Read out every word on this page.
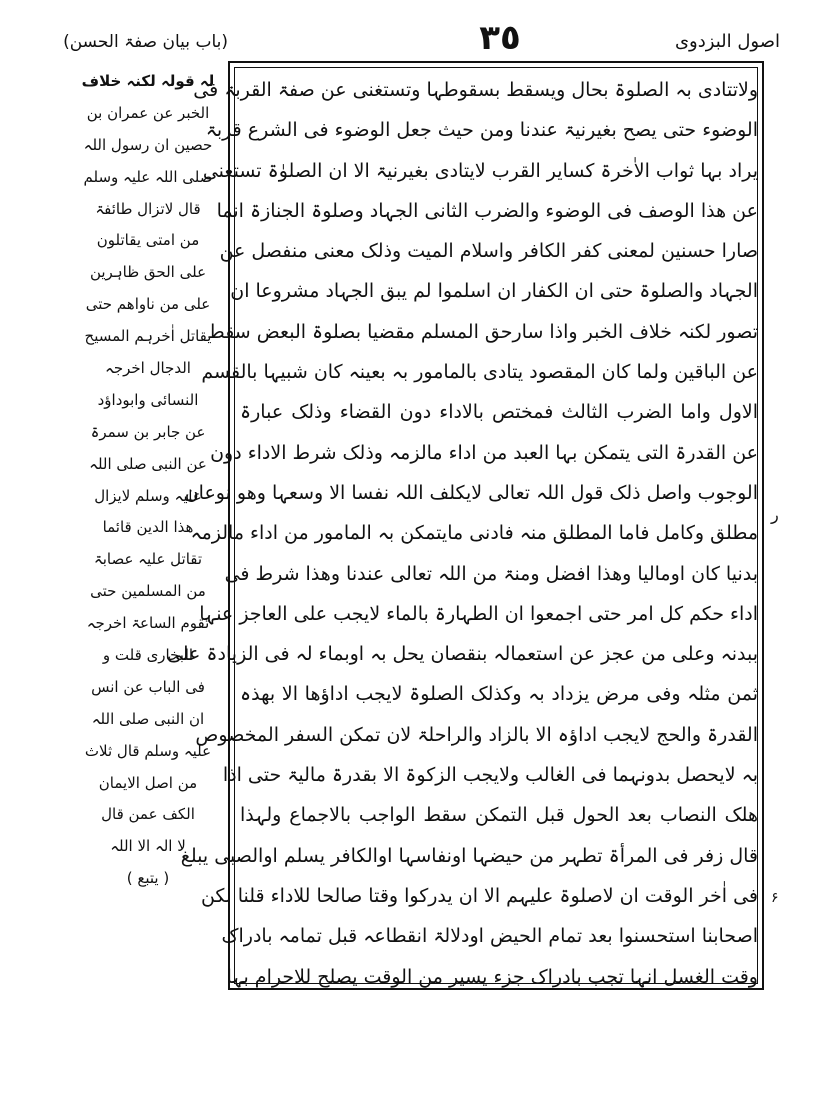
(باب بیان صفۃ الحسن)	٣٥	اصول البزدوی
ولاتتادی بہ الصلوۃ بحال ویسقط بسقوطہا وتستغنی عن صفۃ القربۃ فی
الوضوء حتی یصح بغیرنیۃ عندنا ومن حیث جعل الوضوء فی الشرع قربۃ
یراد بہا ثواب الاٰخرۃ کسایر القرب لایتادی بغیرنیۃ الا ان الصلوٰۃ تستغنی
عن ھذا الوصف فی الوضوء والضرب الثانی الجہاد وصلوۃ الجنازۃ انما
صارا حسنین لمعنی کفر الکافر واسلام المیت وذلک معنی منفصل عن
الجہاد والصلوۃ حتی ان الکفار ان اسلموا لم یبق الجہاد مشروعا ان
تصور لکنہ خلاف الخبر واذا سارحق المسلم مقضیا بصلوۃ البعض سقط
عن الباقین ولما کان المقصود یتادی بالمامور بہ بعینہ کان شبیہا بالقسم
الاول واما الضرب الثالث فمختص بالاداء دون القضاء وذلک عبارۃ
عن القدرۃ التی یتمکن بہا العبد من اداء مالزمہ وذلک شرط الاداء دون
الوجوب واصل ذلک قول اللہ تعالی لایکلف اللہ نفسا الا وسعہا وھو نوعان
مطلق وکامل فاما المطلق منہ فادنی مایتمکن بہ المامور من اداء مالزمہ
بدنیا کان اومالیا وھذا افضل ومنۃ من اللہ تعالی عندنا وھذا شرط فی
اداء حکم کل امر حتی اجمعوا ان الطہارۃ بالماء لایجب علی العاجز عنہا
ببدنہ وعلی من عجز عن استعمالہ بنقصان یحل بہ اوبماء لہ فی الزیادۃ علی
ثمن مثلہ وفی مرض یزداد بہ وکذلک الصلوۃ لایجب اداؤھا الا بھذہ
القدرۃ والحج لایجب اداؤہ الا بالزاد والراحلۃ لان تمکن السفر المخصوص
بہ لایحصل بدونہما فی الغالب ولایجب الزکوۃ الا بقدرۃ مالیۃ حتی اذا
ھلک النصاب بعد الحول قبل التمکن سقط الواجب بالاجماع ولہذا
قال زفر فی المرأۃ تطہر من حیضہا اونفاسہا اوالکافر یسلم اوالصبی یبلغ
فی اٰخر الوقت ان لاصلوۃ علیہم الا ان یدرکوا وقتا صالحا للاداء قلنا لکن
اصحابنا استحسنوا بعد تمام الحیض اودلالۃ انقطاعہ قبل تمامہ بادراک
وقت الغسل انہا تجب بادراک جزء یسیر من الوقت یصلح للاحرام بہا
لہ قولہ لکنہ خلاف
الخبر عن عمران بن
حصین ان رسول اللہ
صلی اللہ علیہ وسلم
قال لاتزال طائفۃ
من امتی یقاتلون
علی الحق ظاہرین
علی من ناواھم حتی
یقاتل اٰخرہم المسیح
الدجال اخرجہ
النسائی وابوداؤد
عن جابر بن سمرۃ
عن النبی صلی اللہ
علیہ وسلم لایزال
ھذا الدین قائما
تقاتل علیہ عصابۃ
من المسلمین حتی
تقوم الساعۃ اخرجہ
البخاری قلت و
فی الباب عن انس
ان النبی صلی اللہ
علیہ وسلم قال ثلاث
من اصل الایمان
الکف عمن قال
لا الہ الا اللہ
( یتبع )
ر
۶
